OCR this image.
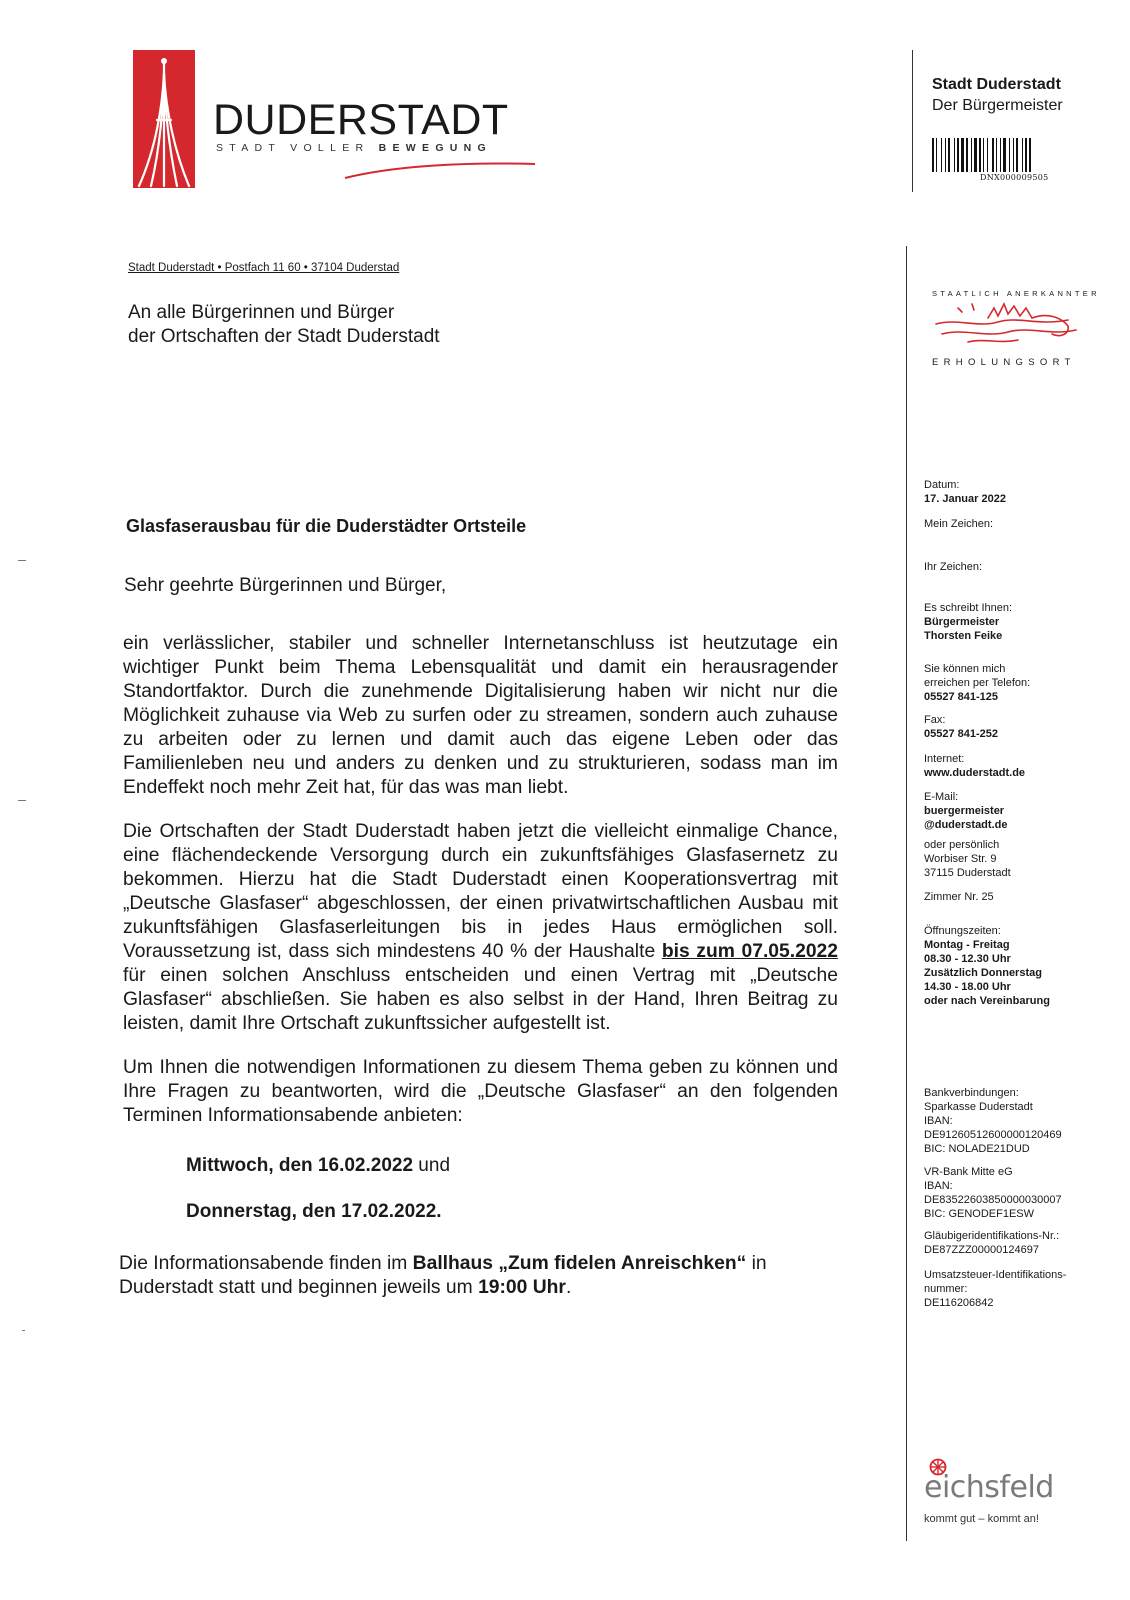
DUDERSTADT
STADT VOLLER BEWEGUNG
Stadt Duderstadt
Der Bürgermeister
DNX000009505
STAATLICH ANERKANNTER
ERHOLUNGSORT
Stadt Duderstadt • Postfach 11 60 • 37104 Duderstad
An alle Bürgerinnen und Bürger
der Ortschaften der Stadt Duderstadt
Glasfaserausbau für die Duderstädter Ortsteile
Sehr geehrte Bürgerinnen und Bürger,
ein verlässlicher, stabiler und schneller Internetanschluss ist heutzutage ein wichtiger Punkt beim Thema Lebensqualität und damit ein herausragender Standortfaktor. Durch die zunehmende Digitalisierung haben wir nicht nur die Möglichkeit zuhause via Web zu surfen oder zu streamen, sondern auch zuhause zu arbeiten oder zu lernen und damit auch das eigene Leben oder das Familienleben neu und anders zu denken und zu strukturieren, sodass man im Endeffekt noch mehr Zeit hat, für das was man liebt.
Die Ortschaften der Stadt Duderstadt haben jetzt die vielleicht einmalige Chance, eine flächendeckende Versorgung durch ein zukunftsfähiges Glasfasernetz zu bekommen. Hierzu hat die Stadt Duderstadt einen Kooperationsvertrag mit „Deutsche Glasfaser“ abgeschlossen, der einen privatwirtschaftlichen Ausbau mit zukunftsfähigen Glasfaserleitungen bis in jedes Haus ermöglichen soll. Voraussetzung ist, dass sich mindestens 40 % der Haushalte bis zum 07.05.2022 für einen solchen Anschluss entscheiden und einen Vertrag mit „Deutsche Glasfaser“ abschließen. Sie haben es also selbst in der Hand, Ihren Beitrag zu leisten, damit Ihre Ortschaft zukunftssicher aufgestellt ist.
Um Ihnen die notwendigen Informationen zu diesem Thema geben zu können und Ihre Fragen zu beantworten, wird die „Deutsche Glasfaser“ an den folgenden Terminen Informationsabende anbieten:
Mittwoch, den 16.02.2022 und
Donnerstag, den 17.02.2022.
Die Informationsabende finden im Ballhaus „Zum fidelen Anreischken“ in Duderstadt statt und beginnen jeweils um 19:00 Uhr.
Datum:
17. Januar 2022
Mein Zeichen:
Ihr Zeichen:
Es schreibt Ihnen:
Bürgermeister
Thorsten Feike
Sie können mich
erreichen per Telefon:
05527 841-125
Fax:
05527 841-252
Internet:
www.duderstadt.de
E-Mail:
buergermeister
@duderstadt.de
oder persönlich
Worbiser Str. 9
37115 Duderstadt
Zimmer Nr. 25
Öffnungszeiten:
Montag - Freitag
08.30 - 12.30 Uhr
Zusätzlich Donnerstag
14.30 - 18.00 Uhr
oder nach Vereinbarung
Bankverbindungen:
Sparkasse Duderstadt
IBAN:
DE91260512600000120469
BIC: NOLADE21DUD
VR-Bank Mitte eG
IBAN:
DE83522603850000030007
BIC: GENODEF1ESW
Gläubigeridentifikations-Nr.:
DE87ZZZ00000124697
Umsatzsteuer-Identifikations-
nummer:
DE116206842
eichsfeld
kommt gut – kommt an!
